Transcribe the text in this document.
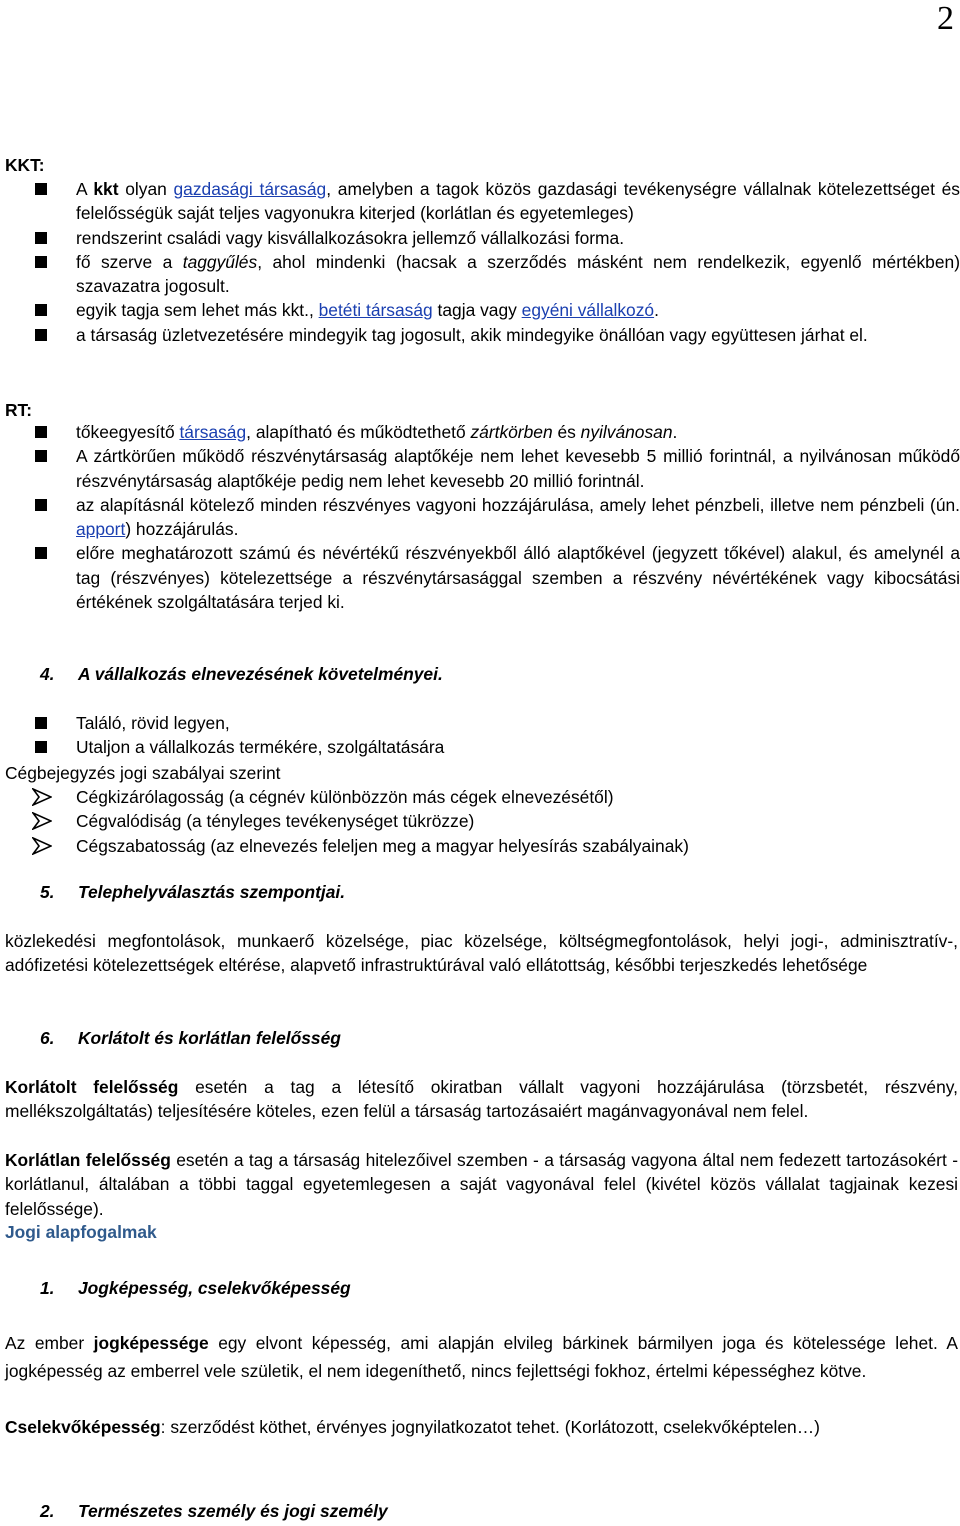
2
KKT:
A kkt olyan gazdasági társaság, amelyben a tagok közös gazdasági tevékenységre vállalnak kötelezettséget és felelősségük saját teljes vagyonukra kiterjed (korlátlan és egyetemleges)
rendszerint családi vagy kisvállalkozásokra jellemző vállalkozási forma.
fő szerve a taggyűlés, ahol mindenki (hacsak a szerződés másként nem rendelkezik, egyenlő mértékben) szavazatra jogosult.
egyik tagja sem lehet más kkt., betéti társaság tagja vagy egyéni vállalkozó.
a társaság üzletvezetésére mindegyik tag jogosult, akik mindegyike önállóan vagy együttesen járhat el.
RT:
tőkeegyesítő társaság, alapítható és működtethető zártkörben és nyilvánosan.
A zártkörűen működő részvénytársaság alaptőkéje nem lehet kevesebb 5 millió forintnál, a nyilvánosan működő részvénytársaság alaptőkéje pedig nem lehet kevesebb 20 millió forintnál.
az alapításnál kötelező minden részvényes vagyoni hozzájárulása, amely lehet pénzbeli, illetve nem pénzbeli (ún. apport) hozzájárulás.
előre meghatározott számú és névértékű részvényekből álló alaptőkével (jegyzett tőkével) alakul, és amelynél a tag (részvényes) kötelezettsége a részvénytársasággal szemben a részvény névértékének vagy kibocsátási értékének szolgáltatására terjed ki.
4. A vállalkozás elnevezésének követelményei.
Találó, rövid legyen,
Utaljon a vállalkozás termékére, szolgáltatására
Cégbejegyzés jogi szabályai szerint
Cégkizárólagosság (a cégnév különbözzön más cégek elnevezésétől)
Cégvalódiság (a tényleges tevékenységet tükrözze)
Cégszabatosság (az elnevezés feleljen meg a magyar helyesírás szabályainak)
5. Telephelyválasztás szempontjai.
közlekedési megfontolások, munkaerő közelsége, piac közelsége, költségmegfontolások, helyi jogi-, adminisztratív-, adófizetési kötelezettségek eltérése, alapvető infrastruktúrával való ellátottság, későbbi terjeszkedés lehetősége
6. Korlátolt és korlátlan felelősség
Korlátolt felelősség esetén a tag a létesítő okiratban vállalt vagyoni hozzájárulása (törzsbetét, részvény, mellékszolgáltatás) teljesítésére köteles, ezen felül a társaság tartozásaiért magánvagyonával nem felel.
Korlátlan felelősség esetén a tag a társaság hitelezőivel szemben - a társaság vagyona által nem fedezett tartozásokért - korlátlanul, általában a többi taggal egyetemlegesen a saját vagyonával felel (kivétel közös vállalat tagjainak kezesi felelőssége).
Jogi alapfogalmak
1. Jogképesség, cselekvőképesség
Az ember jogképessége egy elvont képesség, ami alapján elvileg bárkinek bármilyen joga és kötelessége lehet. A jogképesség az emberrel vele születik, el nem idegeníthető, nincs fejlettségi fokhoz, értelmi képességhez kötve.
Cselekvőképesség: szerződést köthet, érvényes jognyilatkozatot tehet. (Korlátozott, cselekvőképtelen…)
2. Természetes személy és jogi személy
